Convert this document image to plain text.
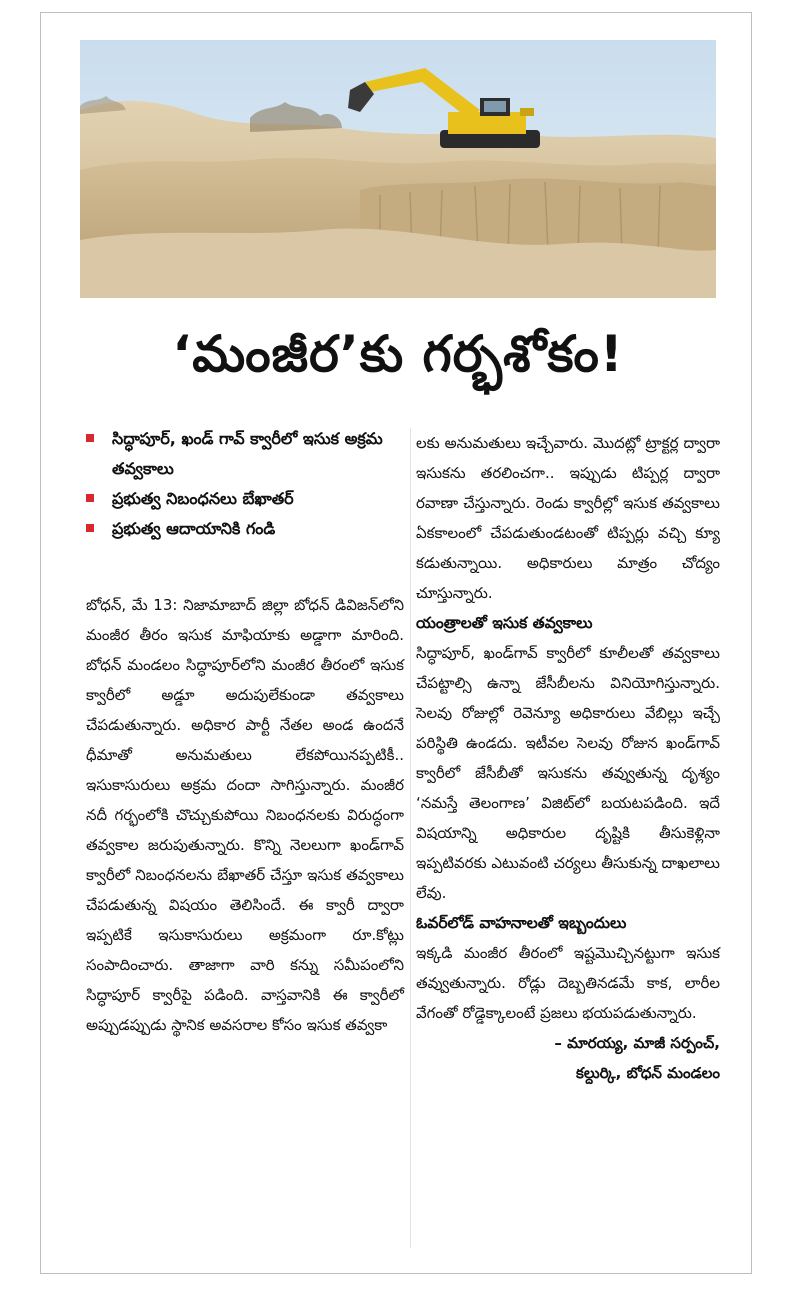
‘మంజీర’కు గర్భశోకం!
సిద్ధాపూర్, ఖండ్ గావ్ క్వారీలో ఇసుక అక్రమ తవ్వకాలు
ప్రభుత్వ నిబంధనలు బేఖాతర్
ప్రభుత్వ ఆదాయానికి గండి

బోధన్, మే 13: నిజామాబాద్ జిల్లా బోధన్ డివిజన్‌లోని మంజీర తీరం ఇసుక మాఫియాకు అడ్డాగా మారింది. బోధన్ మండలం సిద్ధాపూర్‌లోని మంజీర తీరంలో ఇసుక క్వారీలో అడ్డూ అదుపులేకుండా తవ్వకాలు చేపడుతున్నారు. అధికార పార్టీ నేతల అండ ఉందనే ధీమాతో అనుమతులు లేకపోయినప్పటికీ.. ఇసుకాసురులు అక్రమ దందా సాగిస్తున్నారు. మంజీర నదీ గర్భంలోకి చొచ్చుకుపోయి నిబంధనలకు విరుద్ధంగా తవ్వకాల జరుపుతున్నారు. కొన్ని నెలలుగా ఖండ్‌గావ్ క్వారీలో నిబంధనలను బేఖాతర్ చేస్తూ ఇసుక తవ్వకాలు చేపడుతున్న విషయం తెలిసిందే. ఈ క్వారీ ద్వారా ఇప్పటికే ఇసుకాసురులు అక్రమంగా రూ.కోట్లు సంపాదించారు. తాజాగా వారి కన్ను సమీపంలోని సిద్ధాపూర్ క్వారీపై పడింది. వాస్తవానికి ఈ క్వారీలో అప్పుడప్పుడు స్థానిక అవసరాల కోసం ఇసుక తవ్వకా

లకు అనుమతులు ఇచ్చేవారు. మొదట్లో ట్రాక్టర్ల ద్వారా ఇసుకను తరలించగా.. ఇప్పుడు టిప్పర్ల ద్వారా రవాణా చేస్తున్నారు. రెండు క్వారీల్లో ఇసుక తవ్వకాలు ఏకకాలంలో చేపడుతుండటంతో టిప్పర్లు వచ్చి క్యూ కడుతున్నాయి. అధికారులు మాత్రం చోద్యం చూస్తున్నారు.

యంత్రాలతో ఇసుక తవ్వకాలు

సిద్ధాపూర్, ఖండ్‌గావ్ క్వారీలో కూలీలతో తవ్వకాలు చేపట్టాల్సి ఉన్నా జేసీబీలను వినియోగిస్తున్నారు. సెలవు రోజుల్లో రెవెన్యూ అధికారులు వేబిల్లు ఇచ్చే పరిస్థితి ఉండదు. ఇటీవల సెలవు రోజున ఖండ్‌గావ్ క్వారీలో జేసీబీతో ఇసుకను తవ్వుతున్న దృశ్యం ‘నమస్తే తెలంగాణ’ విజిట్‌లో బయటపడింది. ఇదే విషయాన్ని అధికారుల దృష్టికి తీసుకెళ్లినా ఇప్పటివరకు ఎటువంటి చర్యలు తీసుకున్న దాఖలాలు లేవు.

ఓవర్‌లోడ్ వాహనాలతో ఇబ్బందులు

ఇక్కడి మంజీర తీరంలో ఇష్టమొచ్చినట్టుగా ఇసుక తవ్వుతున్నారు. రోడ్లు దెబ్బతినడమే కాక, లారీల వేగంతో రోడ్డెక్కాలంటే ప్రజలు భయపడుతున్నారు.

– మారయ్య, మాజీ సర్పంచ్,

కల్దుర్కి, బోధన్ మండలం
